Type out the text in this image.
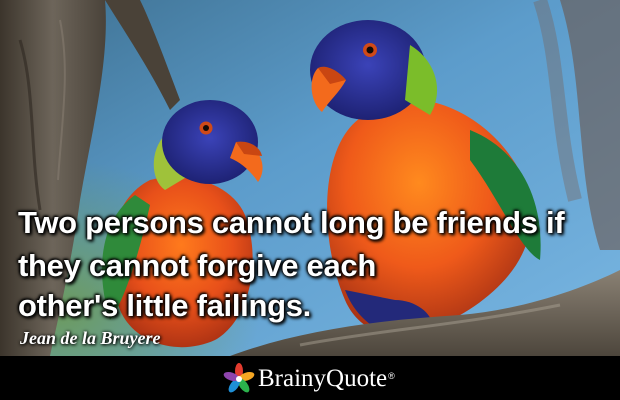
Two persons cannot long be friends if

they cannot forgive each

other's little failings.

Jean de la Bruyere

BrainyQuote ®
